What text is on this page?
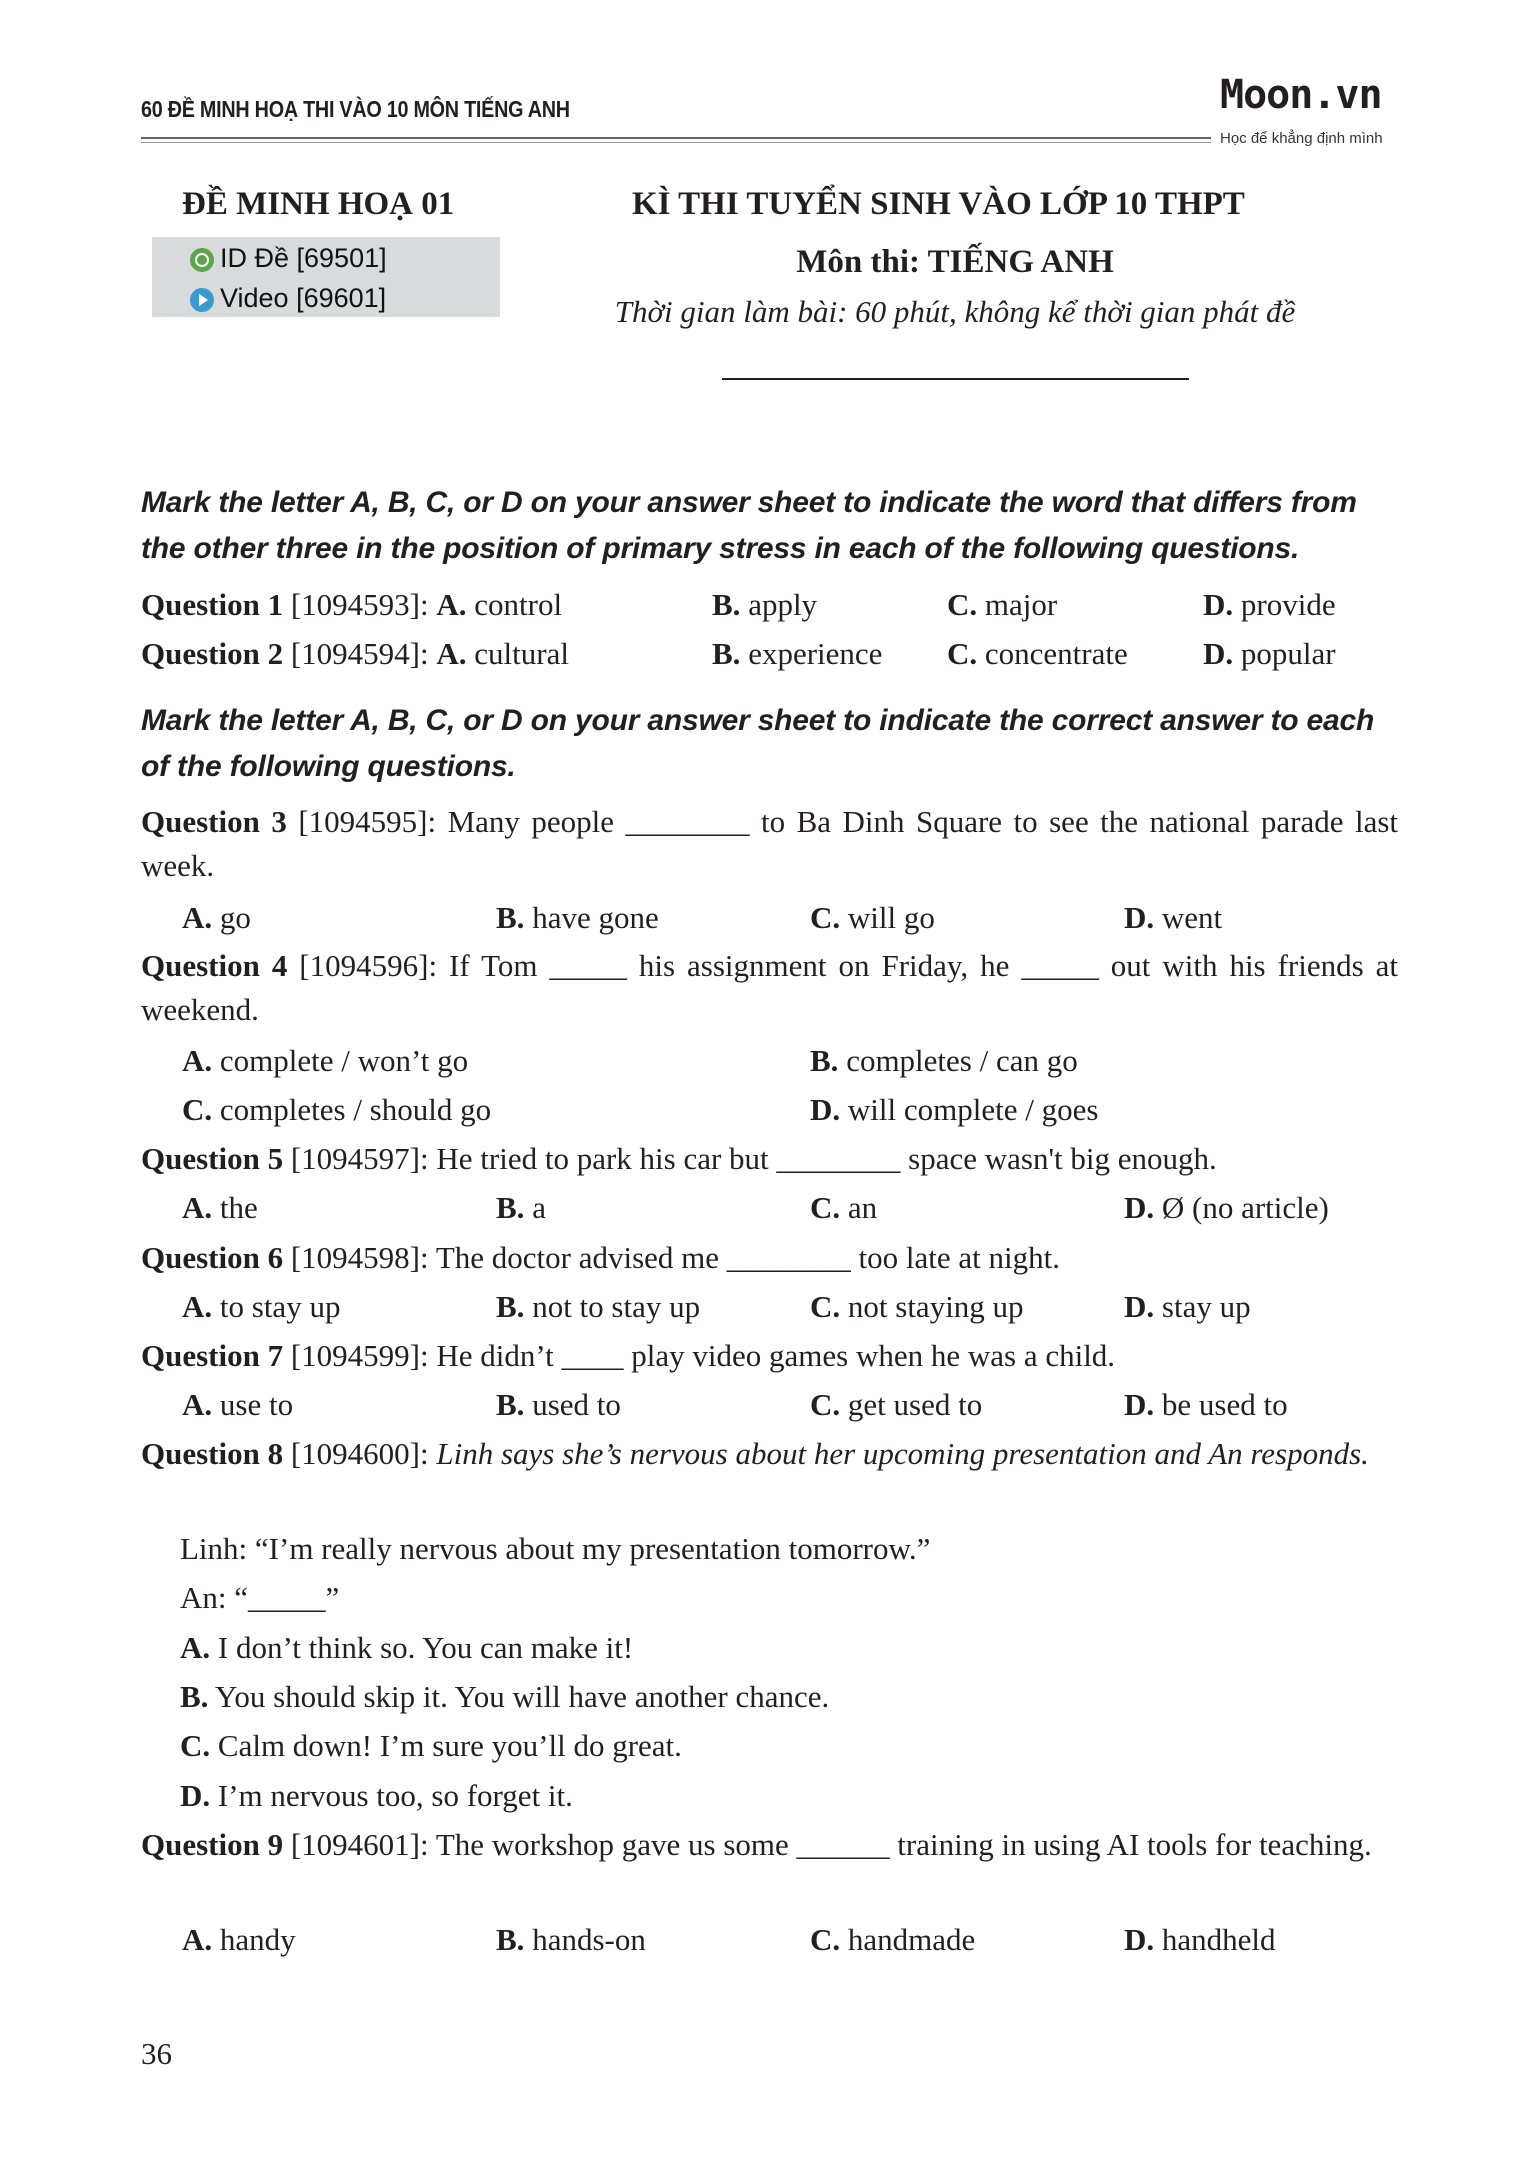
60 ĐỀ MINH HOẠ THI VÀO 10 MÔN TIẾNG ANH	Moon.vn
Học để khẳng định mình
ĐỀ MINH HOẠ 01
ID Đề [69501]
Video [69601]
KÌ THI TUYỂN SINH VÀO LỚP 10 THPT
Môn thi: TIẾNG ANH
Thời gian làm bài: 60 phút, không kể thời gian phát đề
Mark the letter A, B, C, or D on your answer sheet to indicate the word that differs from the other three in the position of primary stress in each of the following questions.
Question 1 [1094593]: A. control	B. apply	C. major	D. provide
Question 2 [1094594]: A. cultural	B. experience C. concentrate D. popular
Mark the letter A, B, C, or D on your answer sheet to indicate the correct answer to each of the following questions.
Question 3 [1094595]: Many people ________ to Ba Dinh Square to see the national parade last week.
A. go	B. have gone	C. will go	D. went
Question 4 [1094596]: If Tom _____ his assignment on Friday, he _____ out with his friends at weekend.
A. complete / won’t go	B. completes / can go
C. completes / should go	D. will complete / goes
Question 5 [1094597]: He tried to park his car but ________ space wasn't big enough.
A. the	B. a	C. an	D. Ø (no article)
Question 6 [1094598]: The doctor advised me ________ too late at night.
A. to stay up	B. not to stay up	C. not staying up	D. stay up
Question 7 [1094599]: He didn’t ____ play video games when he was a child.
A. use to	B. used to	C. get used to	D. be used to
Question 8 [1094600]: Linh says she’s nervous about her upcoming presentation and An responds.
Linh: “I’m really nervous about my presentation tomorrow.”
An: “_____”
A. I don’t think so. You can make it!
B. You should skip it. You will have another chance.
C. Calm down! I’m sure you’ll do great.
D. I’m nervous too, so forget it.
Question 9 [1094601]: The workshop gave us some ______ training in using AI tools for teaching.
A. handy	B. hands-on	C. handmade	D. handheld
36
